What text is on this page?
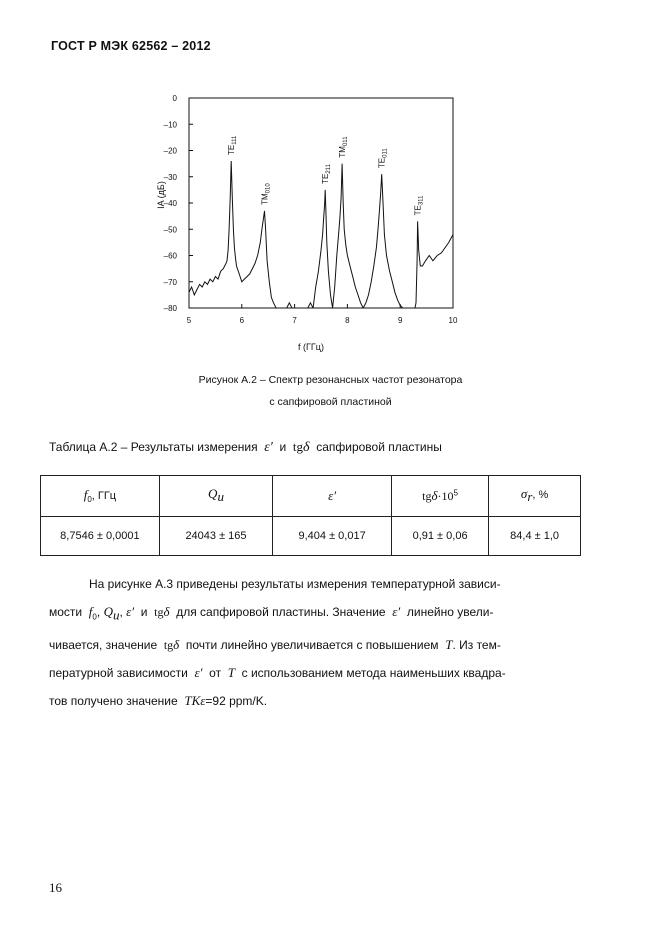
ГОСТ Р МЭК 62562 – 2012
0
–10
–20
–30
–40
–50
–60
–70
–80
5	6	7	8	9	10
f (ГГц)
IA (дБ)
$TE_{111}$
$TM_{010}$
$TE_{211}$
$TM_{011}$
$TE_{011}$
$TE_{311}$
Рисунок А.2 – Спектр резонансных частот резонатора
с сапфировой пластиной
Таблица А.2 – Результаты измерения ε′ и tgδ сапфировой пластины
$f_0$, ГГц	$Q_u$	ε′	$tg\delta\cdot 10^5$	$\sigma_r$, %
8,7546 ± 0,0001	24043 ± 165	9,404 ± 0,017	0,91 ± 0,06	84,4 ± 1,0

На рисунке А.3 приведены результаты измерения температурной зависи-

мости $f_0$, $Q_u$, ε′ и tgδ для сапфировой пластины. Значение ε′ линейно увели-

чивается, значение tgδ почти линейно увеличивается с повышением T. Из тем-

пературной зависимости ε′ от T с использованием метода наименьших квадра-

тов получено значение TKε=92 ppm/K.

16
